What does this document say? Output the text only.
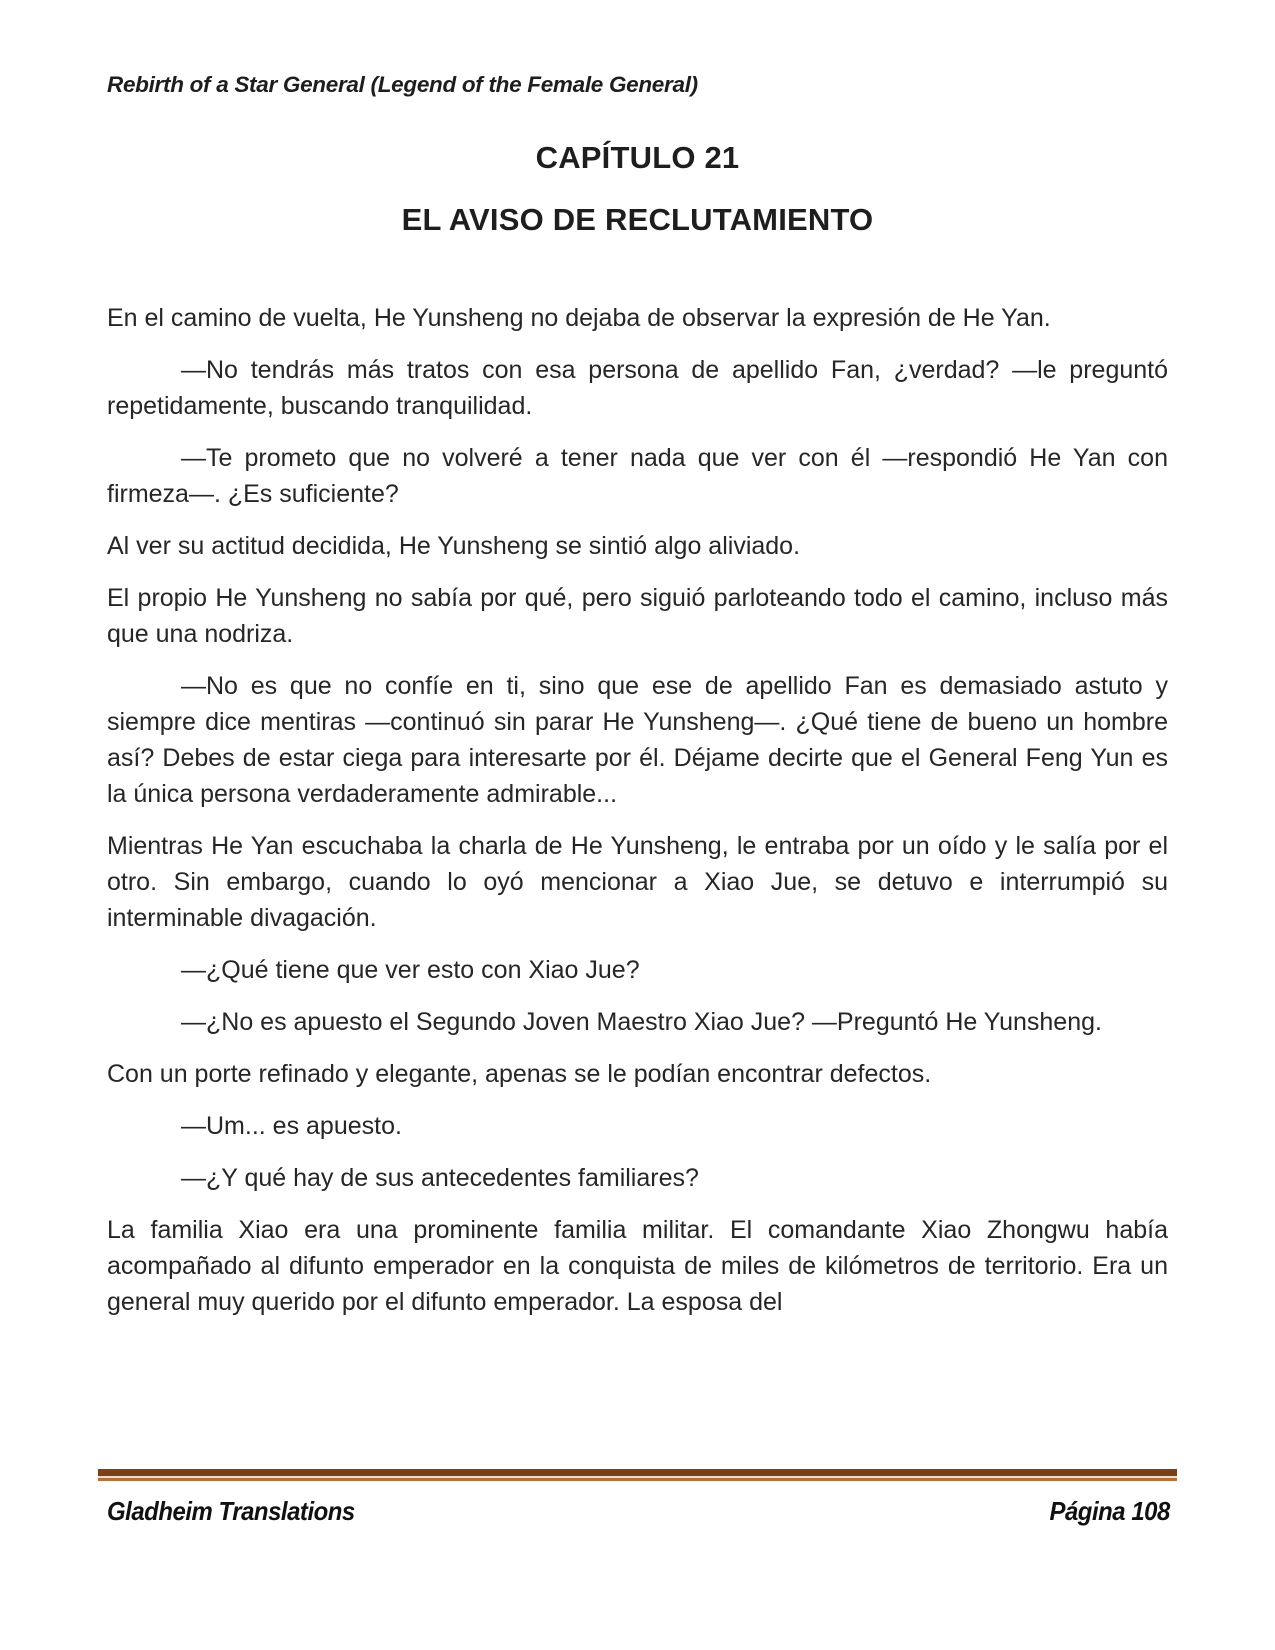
Rebirth of a Star General (Legend of the Female General)
CAPÍTULO 21
EL AVISO DE RECLUTAMIENTO

En el camino de vuelta, He Yunsheng no dejaba de observar la expresión de He Yan.

—No tendrás más tratos con esa persona de apellido Fan, ¿verdad? —le preguntó repetidamente, buscando tranquilidad.

—Te prometo que no volveré a tener nada que ver con él —respondió He Yan con firmeza—. ¿Es suficiente?

Al ver su actitud decidida, He Yunsheng se sintió algo aliviado.

El propio He Yunsheng no sabía por qué, pero siguió parloteando todo el camino, incluso más que una nodriza.

—No es que no confíe en ti, sino que ese de apellido Fan es demasiado astuto y siempre dice mentiras —continuó sin parar He Yunsheng—. ¿Qué tiene de bueno un hombre así? Debes de estar ciega para interesarte por él. Déjame decirte que el General Feng Yun es la única persona verdaderamente admirable...

Mientras He Yan escuchaba la charla de He Yunsheng, le entraba por un oído y le salía por el otro. Sin embargo, cuando lo oyó mencionar a Xiao Jue, se detuvo e interrumpió su interminable divagación.

—¿Qué tiene que ver esto con Xiao Jue?

—¿No es apuesto el Segundo Joven Maestro Xiao Jue? —Preguntó He Yunsheng.

Con un porte refinado y elegante, apenas se le podían encontrar defectos.

—Um... es apuesto.

—¿Y qué hay de sus antecedentes familiares?

La familia Xiao era una prominente familia militar. El comandante Xiao Zhongwu había acompañado al difunto emperador en la conquista de miles de kilómetros de territorio. Era un general muy querido por el difunto emperador. La esposa del

Gladheim Translations	Página 108
